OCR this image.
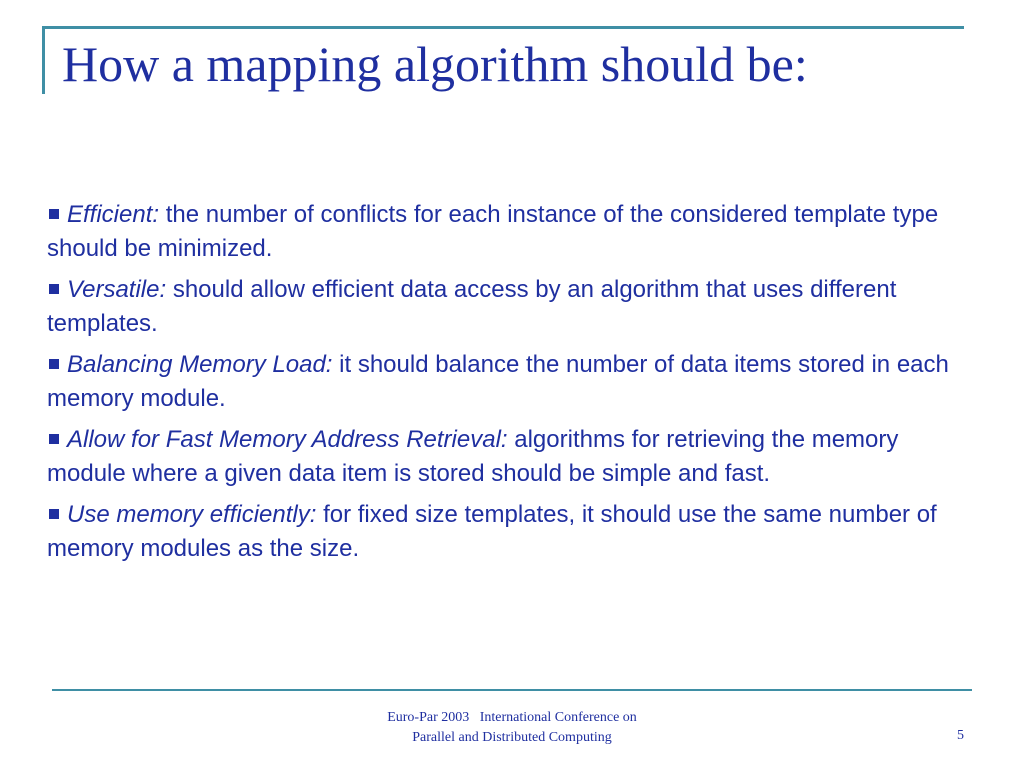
How a mapping algorithm should be:
Efficient: the number of conflicts for each instance of the considered template type should be minimized.
Versatile: should allow efficient data access by an algorithm that uses different templates.
Balancing Memory Load: it should balance the number of data items stored in each memory module.
Allow for Fast Memory Address Retrieval: algorithms for retrieving the memory module where a given data item is stored should be simple and fast.
Use memory efficiently: for fixed size templates, it should use the same number of memory modules as the size.
Euro-Par 2003   International Conference on
Parallel and Distributed Computing	5
